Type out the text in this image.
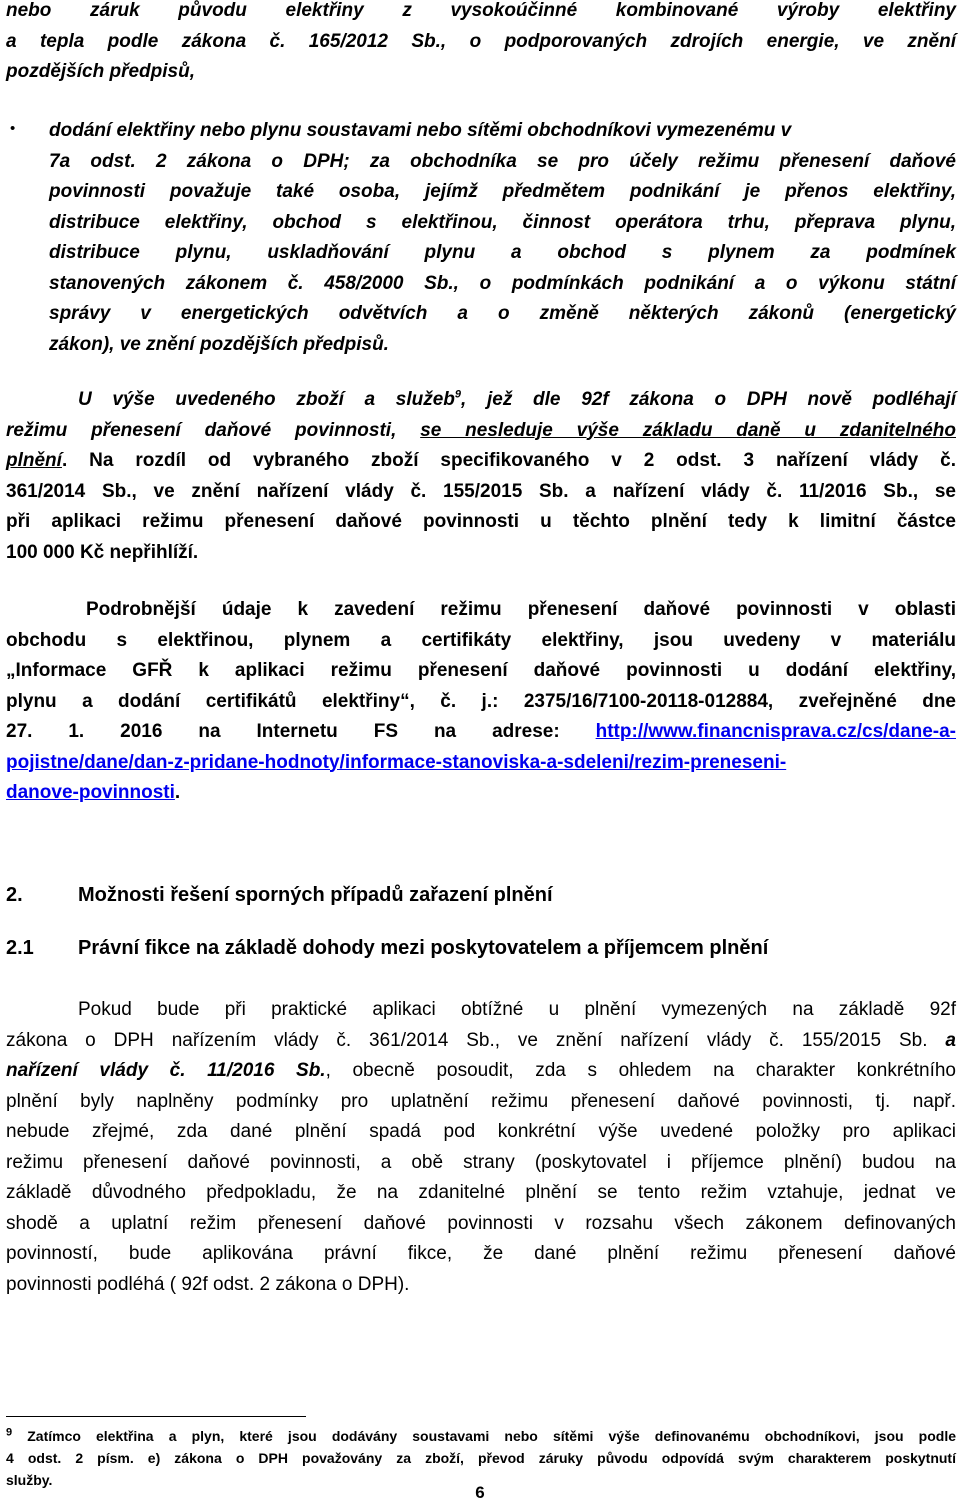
nebo záruk původu elektřiny z vysokoúčinné kombinované výroby elektřiny
a tepla podle zákona č. 165/2012 Sb., o podporovaných zdrojích energie, ve znění
pozdějších předpisů,
• dodání elektřiny nebo plynu soustavami nebo sítěmi obchodníkovi vymezenému v
7a odst. 2 zákona o DPH; za obchodníka se pro účely režimu přenesení daňové
povinnosti považuje také osoba, jejímž předmětem podnikání je přenos elektřiny,
distribuce elektřiny, obchod s elektřinou, činnost operátora trhu, přeprava plynu,
distribuce plynu, uskladňování plynu a obchod s plynem za podmínek
stanovených zákonem č. 458/2000 Sb., o podmínkách podnikání a o výkonu státní
správy v energetických odvětvích a o změně některých zákonů (energetický
zákon), ve znění pozdějších předpisů.
U výše uvedeného zboží a služeb$^9$, jež dle 92f zákona o DPH nově podléhají
režimu přenesení daňové povinnosti, se nesleduje výše základu daně u zdanitelného
plnění. Na rozdíl od vybraného zboží specifikovaného v 2 odst. 3 nařízení vlády č.
361/2014 Sb., ve znění nařízení vlády č. 155/2015 Sb. a nařízení vlády č. 11/2016 Sb., se
při aplikaci režimu přenesení daňové povinnosti u těchto plnění tedy k limitní částce
100 000 Kč nepřihlíží.
Podrobnější údaje k zavedení režimu přenesení daňové povinnosti v oblasti
obchodu s elektřinou, plynem a certifikáty elektřiny, jsou uvedeny v materiálu
„Informace GFŘ k aplikaci režimu přenesení daňové povinnosti u dodání elektřiny,
plynu a dodání certifikátů elektřiny“, č. j.: 2375/16/7100-20118-012884, zveřejněné dne
27. 1. 2016 na Internetu FS na adrese: http://www.financnisprava.cz/cs/dane-a-
pojistne/dane/dan-z-pridane-hodnoty/informace-stanoviska-a-sdeleni/rezim-preneseni-
danove-povinnosti.
2.	Možnosti řešení sporných případů zařazení plnění
2.1 Právní fikce na základě dohody mezi poskytovatelem a příjemcem plnění
Pokud bude při praktické aplikaci obtížné u plnění vymezených na základě 92f
zákona o DPH nařízením vlády č. 361/2014 Sb., ve znění nařízení vlády č. 155/2015 Sb. a
nařízení vlády č. 11/2016 Sb., obecně posoudit, zda s ohledem na charakter konkrétního
plnění byly naplněny podmínky pro uplatnění režimu přenesení daňové povinnosti, tj. např.
nebude zřejmé, zda dané plnění spadá pod konkrétní výše uvedené položky pro aplikaci
režimu přenesení daňové povinnosti, a obě strany (poskytovatel i příjemce plnění) budou na
základě důvodného předpokladu, že na zdanitelné plnění se tento režim vztahuje, jednat ve
shodě a uplatní režim přenesení daňové povinnosti v rozsahu všech zákonem definovaných
povinností, bude aplikována právní fikce, že dané plnění režimu přenesení daňové
povinnosti podléhá ( 92f odst. 2 zákona o DPH).
$^9$ Zatímco elektřina a plyn, které jsou dodávány soustavami nebo sítěmi výše definovanému obchodníkovi, jsou podle
4 odst. 2 písm. e) zákona o DPH považovány za zboží, převod záruky původu odpovídá svým charakterem poskytnutí
služby.
6
